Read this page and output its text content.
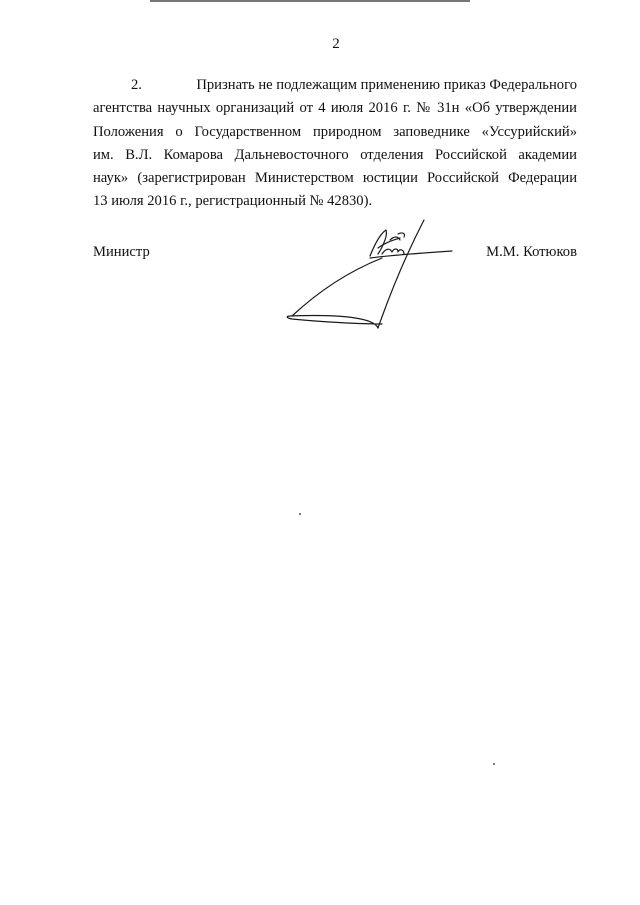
2
2.	Признать не подлежащим применению приказ Федерального
агентства научных организаций от 4 июля 2016 г. № 31н «Об утверждении
Положения о Государственном природном заповеднике «Уссурийский»
им. В.Л. Комарова Дальневосточного отделения Российской академии
наук» (зарегистрирован Министерством юстиции Российской Федерации
13 июля 2016 г., регистрационный № 42830).
Министр	М.М. Котюков
